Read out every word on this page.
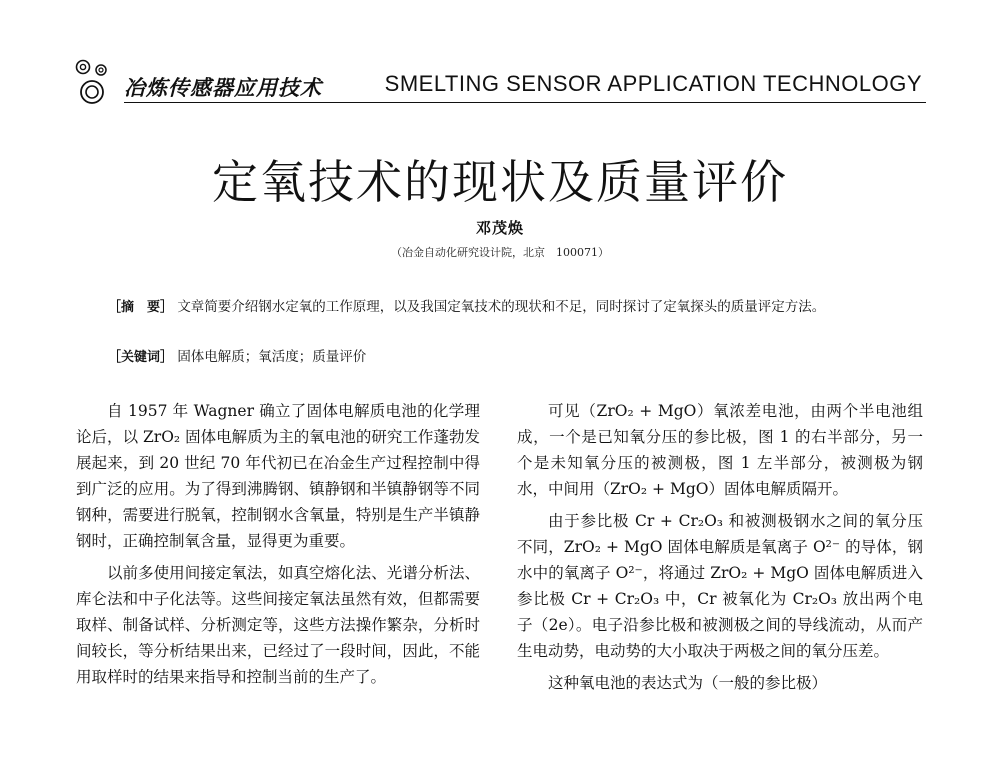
冶炼传感器应用技术	SMELTING SENSOR APPLICATION TECHNOLOGY
定氧技术的现状及质量评价
邓茂焕
（冶金自动化研究设计院，北京　100071）
［摘　要］ 文章简要介绍钢水定氧的工作原理，以及我国定氧技术的现状和不足，同时探讨了定氧探头的质量评定方法。
［关键词］ 固体电解质；氧活度；质量评价

自 1957 年 Wagner 确立了固体电解质电池的化学理论后，以 ZrO₂ 固体电解质为主的氧电池的研究工作蓬勃发展起来，到 20 世纪 70 年代初已在冶金生产过程控制中得到广泛的应用。为了得到沸腾钢、镇静钢和半镇静钢等不同钢种，需要进行脱氧，控制钢水含氧量，特别是生产半镇静钢时，正确控制氧含量，显得更为重要。

以前多使用间接定氧法，如真空熔化法、光谱分析法、库仑法和中子化法等。这些间接定氧法虽然有效，但都需要取样、制备试样、分析测定等，这些方法操作繁杂，分析时间较长，等分析结果出来，已经过了一段时间，因此，不能用取样时的结果来指导和控制当前的生产了。

可见（ZrO₂ + MgO）氧浓差电池，由两个半电池组成，一个是已知氧分压的参比极，图 1 的右半部分，另一个是未知氧分压的被测极，图 1 左半部分，被测极为钢水，中间用（ZrO₂ + MgO）固体电解质隔开。

由于参比极 Cr + Cr₂O₃ 和被测极钢水之间的氧分压不同，ZrO₂ + MgO 固体电解质是氧离子 O²⁻ 的导体，钢水中的氧离子 O²⁻，将通过 ZrO₂ + MgO 固体电解质进入参比极 Cr + Cr₂O₃ 中，Cr 被氧化为 Cr₂O₃ 放出两个电子（2e）。电子沿参比极和被测极之间的导线流动，从而产生电动势，电动势的大小取决于两极之间的氧分压差。

这种氧电池的表达式为（一般的参比极）
